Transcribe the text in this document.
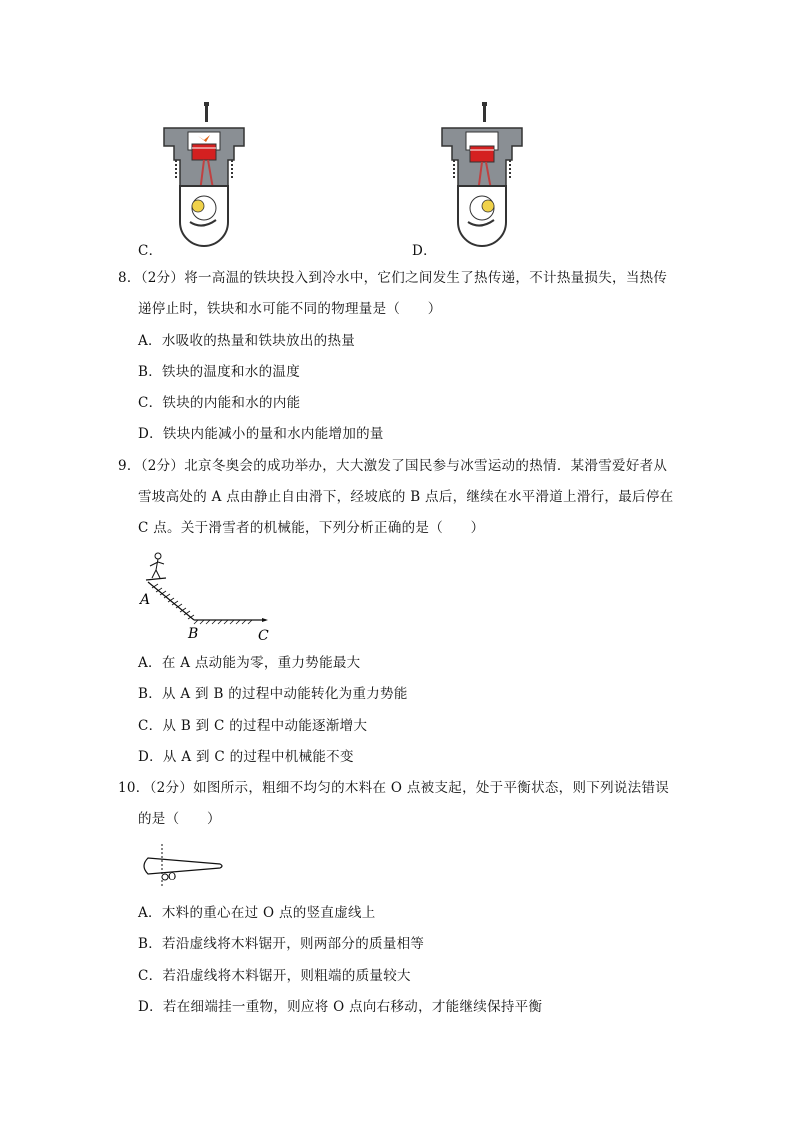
C．	D．
8．（2分）将一高温的铁块投入到冷水中，它们之间发生了热传递，不计热量损失，当热传
递停止时，铁块和水可能不同的物理量是（　　）
A．水吸收的热量和铁块放出的热量
B．铁块的温度和水的温度
C．铁块的内能和水的内能
D．铁块内能减小的量和水内能增加的量
9．（2分）北京冬奥会的成功举办，大大激发了国民参与冰雪运动的热情．某滑雪爱好者从
雪坡高处的 A 点由静止自由滑下，经坡底的 B 点后，继续在水平滑道上滑行，最后停在
C 点。关于滑雪者的机械能，下列分析正确的是（　　）
A
B	C
A．在 A 点动能为零，重力势能最大
B．从 A 到 B 的过程中动能转化为重力势能
C．从 B 到 C 的过程中动能逐渐增大
D．从 A 到 C 的过程中机械能不变
10．（2分）如图所示，粗细不均匀的木料在 O 点被支起，处于平衡状态，则下列说法错误
的是（　　）
O
A．木料的重心在过 O 点的竖直虚线上
B．若沿虚线将木料锯开，则两部分的质量相等
C．若沿虚线将木料锯开，则粗端的质量较大
D．若在细端挂一重物，则应将 O 点向右移动，才能继续保持平衡
